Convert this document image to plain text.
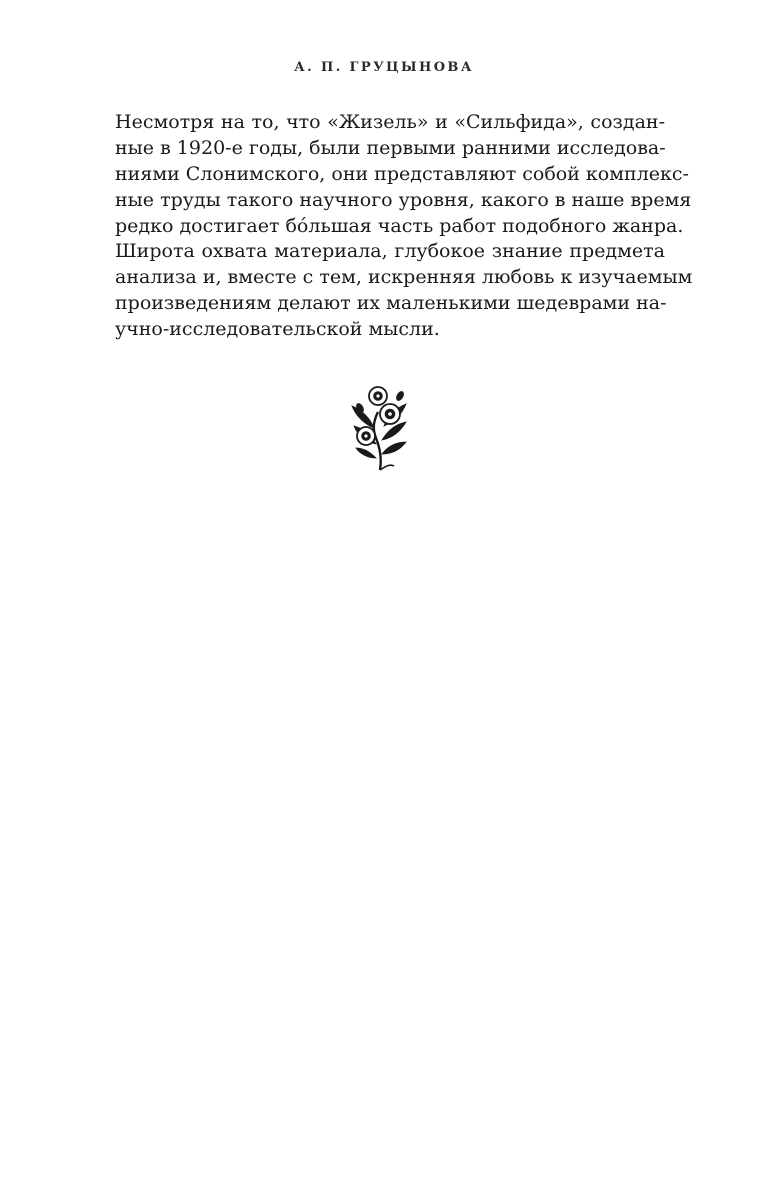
А. П. ГРУЦЫНОВА
Несмотря на то, что «Жизель» и «Сильфида», создан-
ные в 1920-е годы, были первыми ранними исследова-
ниями Слонимского, они представляют собой комплекс-
ные труды такого научного уровня, какого в наше время
редко достигает бóльшая часть работ подобного жанра.
Широта охвата материала, глубокое знание предмета
анализа и, вместе с тем, искренняя любовь к изучаемым
произведениям делают их маленькими шедеврами на-
учно-исследовательской мысли.
